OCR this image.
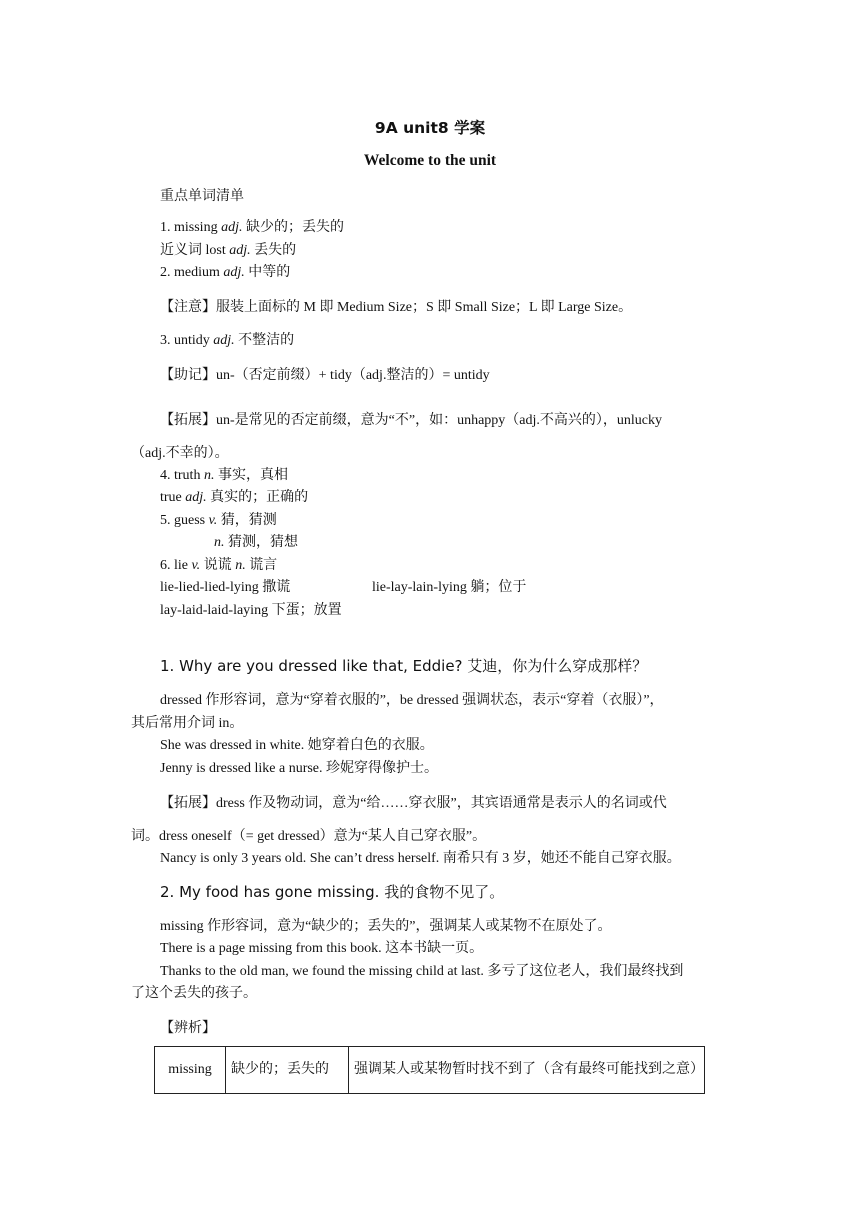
9A unit8 学案
Welcome to the unit
重点单词清单
1. missing adj. 缺少的；丢失的
近义词 lost adj. 丢失的
2. medium adj. 中等的
【注意】服装上面标的 M 即 Medium Size；S 即 Small Size；L 即 Large Size。
3. untidy adj. 不整洁的
【助记】un-（否定前缀）+ tidy（adj.整洁的）= untidy
【拓展】un-是常见的否定前缀，意为“不”，如：unhappy（adj.不高兴的），unlucky
（adj.不幸的）。
4. truth n. 事实，真相
true adj. 真实的；正确的
5. guess v. 猜，猜测
n. 猜测，猜想
6. lie v. 说谎 n. 谎言
lie-lied-lied-lying 撒谎	lie-lay-lain-lying 躺；位于
lay-laid-laid-laying 下蛋；放置
1. Why are you dressed like that, Eddie? 艾迪，你为什么穿成那样？
dressed 作形容词，意为“穿着衣服的”，be dressed 强调状态，表示“穿着（衣服）”，
其后常用介词 in。
She was dressed in white. 她穿着白色的衣服。
Jenny is dressed like a nurse. 珍妮穿得像护士。
【拓展】dress 作及物动词，意为“给……穿衣服”，其宾语通常是表示人的名词或代
词。dress oneself（= get dressed）意为“某人自己穿衣服”。
Nancy is only 3 years old. She can’t dress herself. 南希只有 3 岁，她还不能自己穿衣服。
2. My food has gone missing. 我的食物不见了。
missing 作形容词，意为“缺少的；丢失的”，强调某人或某物不在原处了。
There is a page missing from this book. 这本书缺一页。
Thanks to the old man, we found the missing child at last. 多亏了这位老人，我们最终找到
了这个丢失的孩子。
【辨析】
missing	缺少的；丢失的	强调某人或某物暂时找不到了（含有最终可能找到之意）
